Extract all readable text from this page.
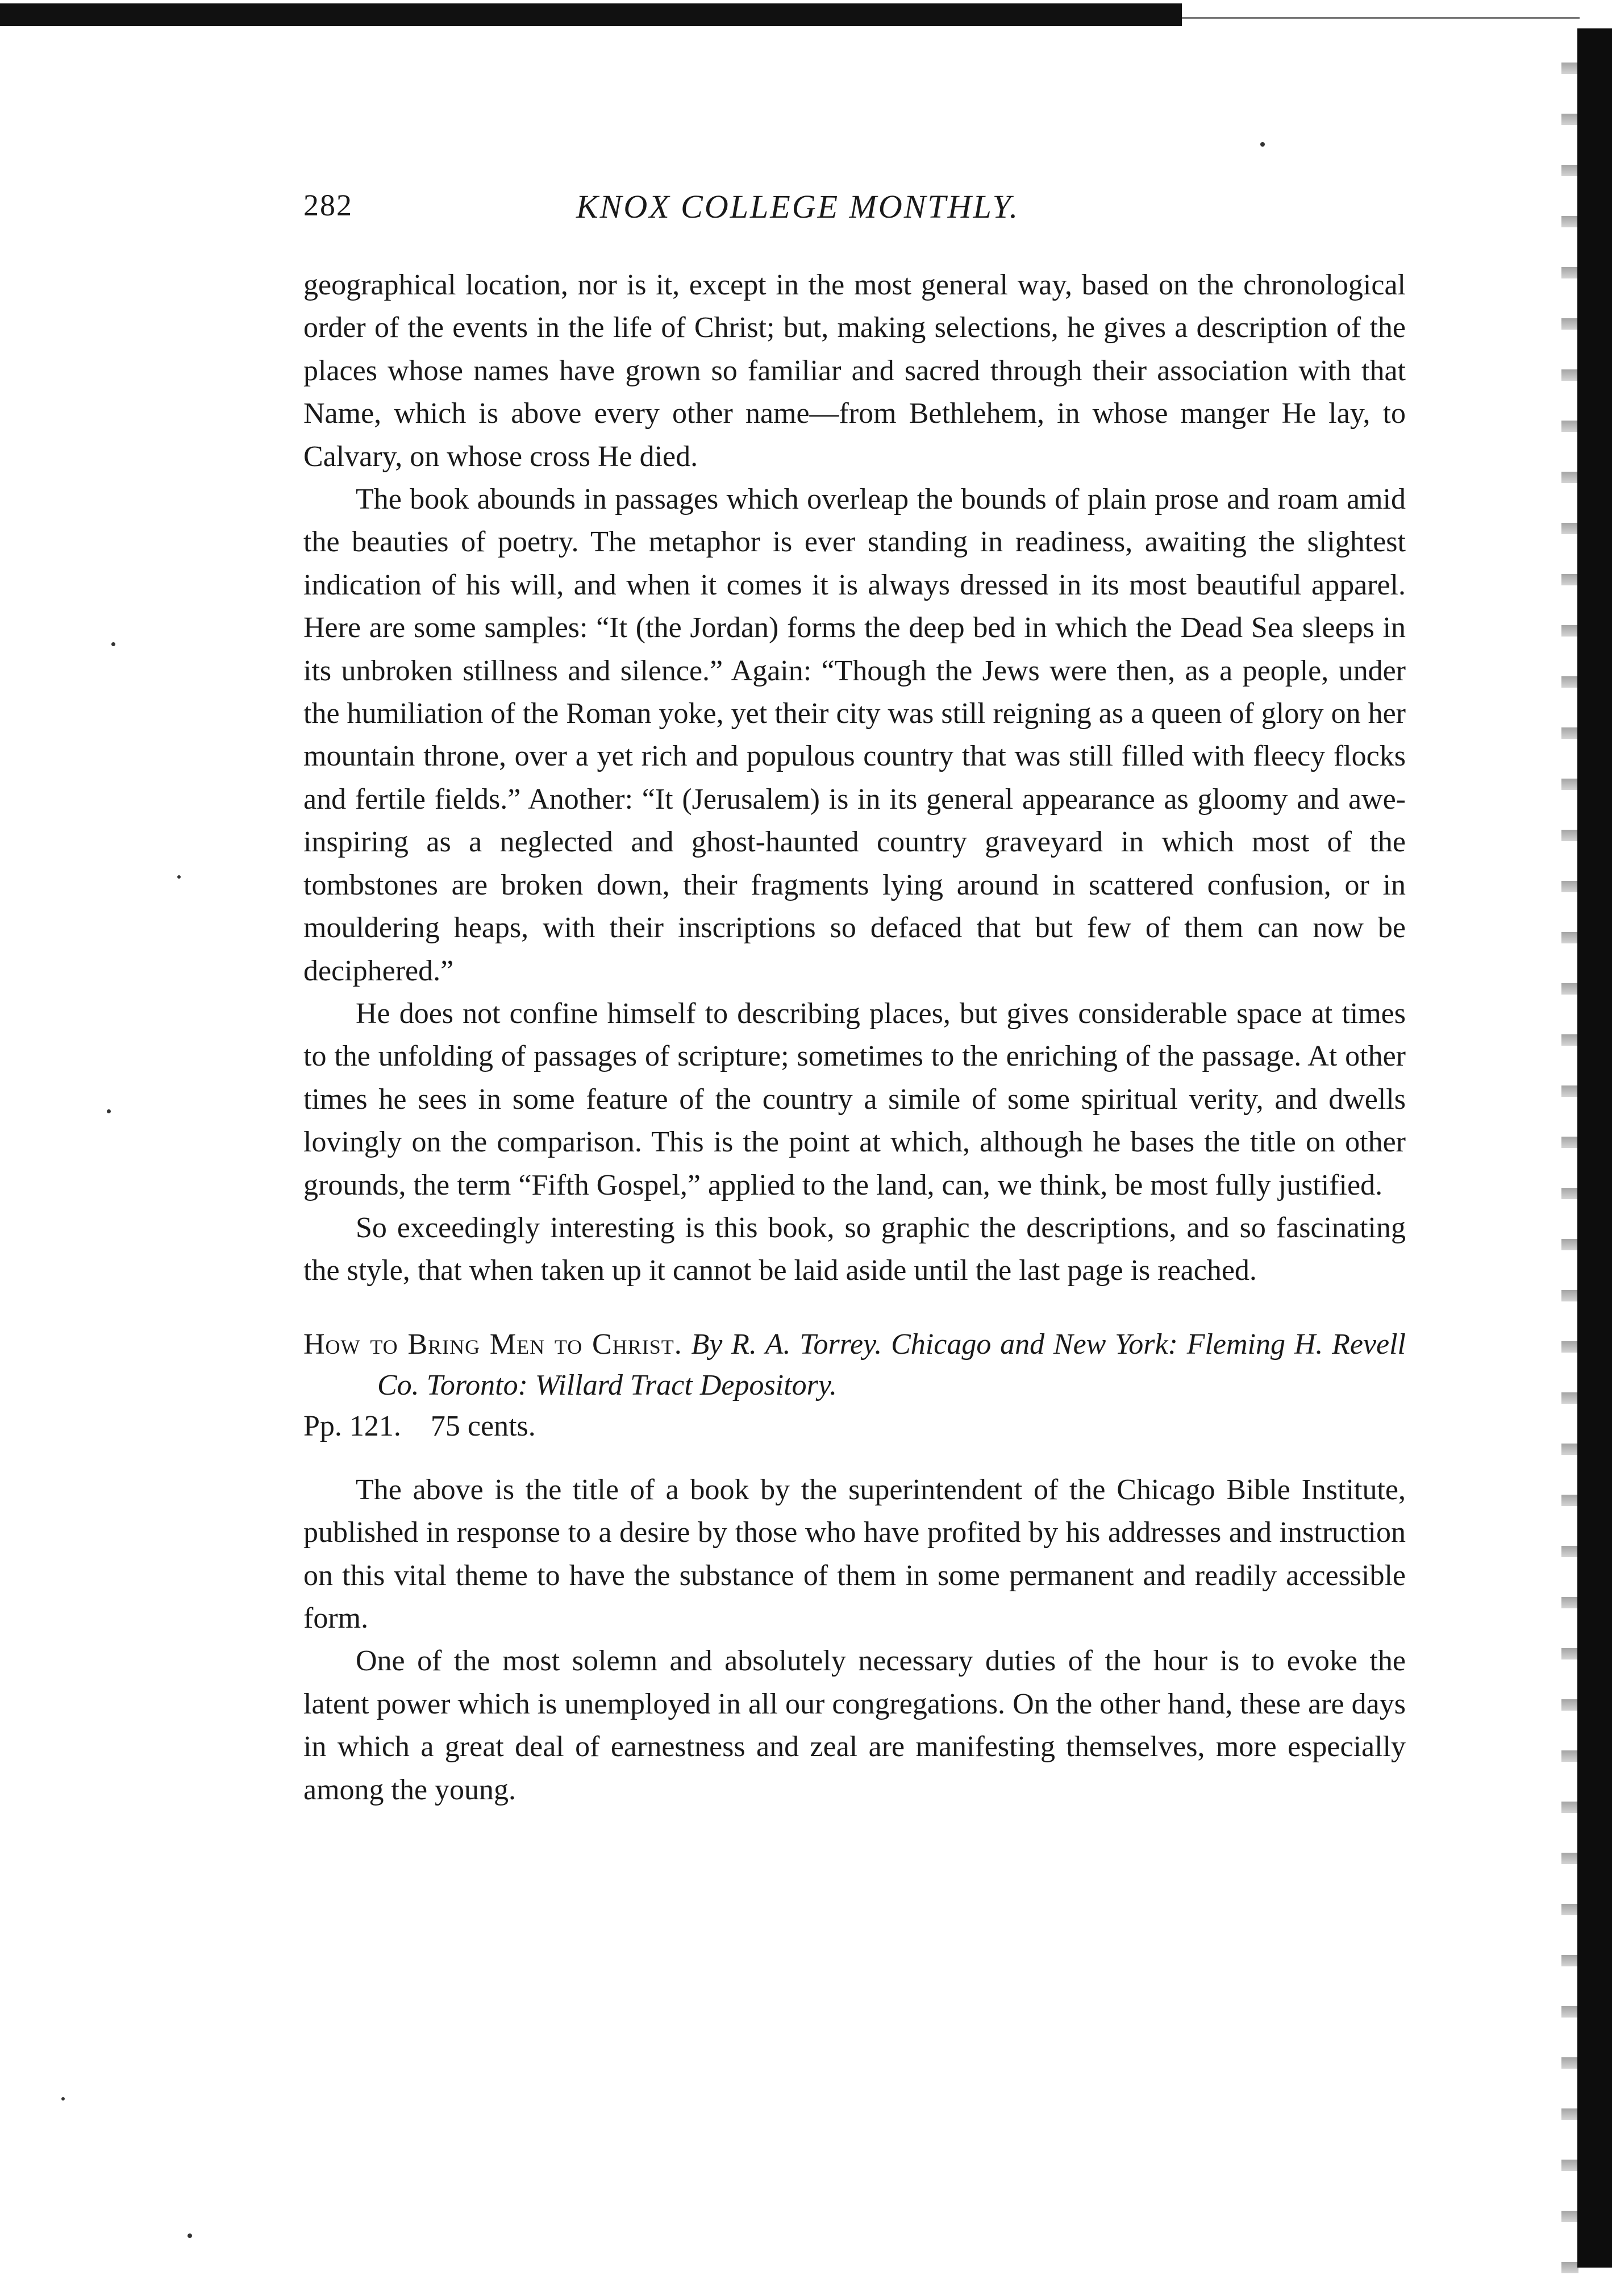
282	KNOX COLLEGE MONTHLY.

geographical location, nor is it, except in the most general way, based on the chronological order of the events in the life of Christ; but, making selections, he gives a description of the places whose names have grown so familiar and sacred through their association with that Name, which is above every other name—from Bethlehem, in whose manger He lay, to Calvary, on whose cross He died.

The book abounds in passages which overleap the bounds of plain prose and roam amid the beauties of poetry. The metaphor is ever standing in readiness, awaiting the slightest indication of his will, and when it comes it is always dressed in its most beautiful apparel. Here are some samples: “It (the Jordan) forms the deep bed in which the Dead Sea sleeps in its unbroken stillness and silence.” Again: “Though the Jews were then, as a people, under the humiliation of the Roman yoke, yet their city was still reigning as a queen of glory on her mountain throne, over a yet rich and populous country that was still filled with fleecy flocks and fertile fields.” Another: “It (Jerusalem) is in its general appearance as gloomy and awe-inspiring as a neglected and ghost-haunted country graveyard in which most of the tombstones are broken down, their fragments lying around in scattered confusion, or in mouldering heaps, with their inscriptions so defaced that but few of them can now be deciphered.”

He does not confine himself to describing places, but gives considerable space at times to the unfolding of passages of scripture; sometimes to the enriching of the passage. At other times he sees in some feature of the country a simile of some spiritual verity, and dwells lovingly on the comparison. This is the point at which, although he bases the title on other grounds, the term “Fifth Gospel,” applied to the land, can, we think, be most fully justified.

So exceedingly interesting is this book, so graphic the descriptions, and so fascinating the style, that when taken up it cannot be laid aside until the last page is reached.

How to Bring Men to Christ. By R. A. Torrey. Chicago and New York: Fleming H. Revell Co. Toronto: Willard Tract Depository.
Pp. 121. 75 cents.

The above is the title of a book by the superintendent of the Chicago Bible Institute, published in response to a desire by those who have profited by his addresses and instruction on this vital theme to have the substance of them in some permanent and readily accessible form.

One of the most solemn and absolutely necessary duties of the hour is to evoke the latent power which is unemployed in all our congregations. On the other hand, these are days in which a great deal of earnestness and zeal are manifesting themselves, more especially among the young.
